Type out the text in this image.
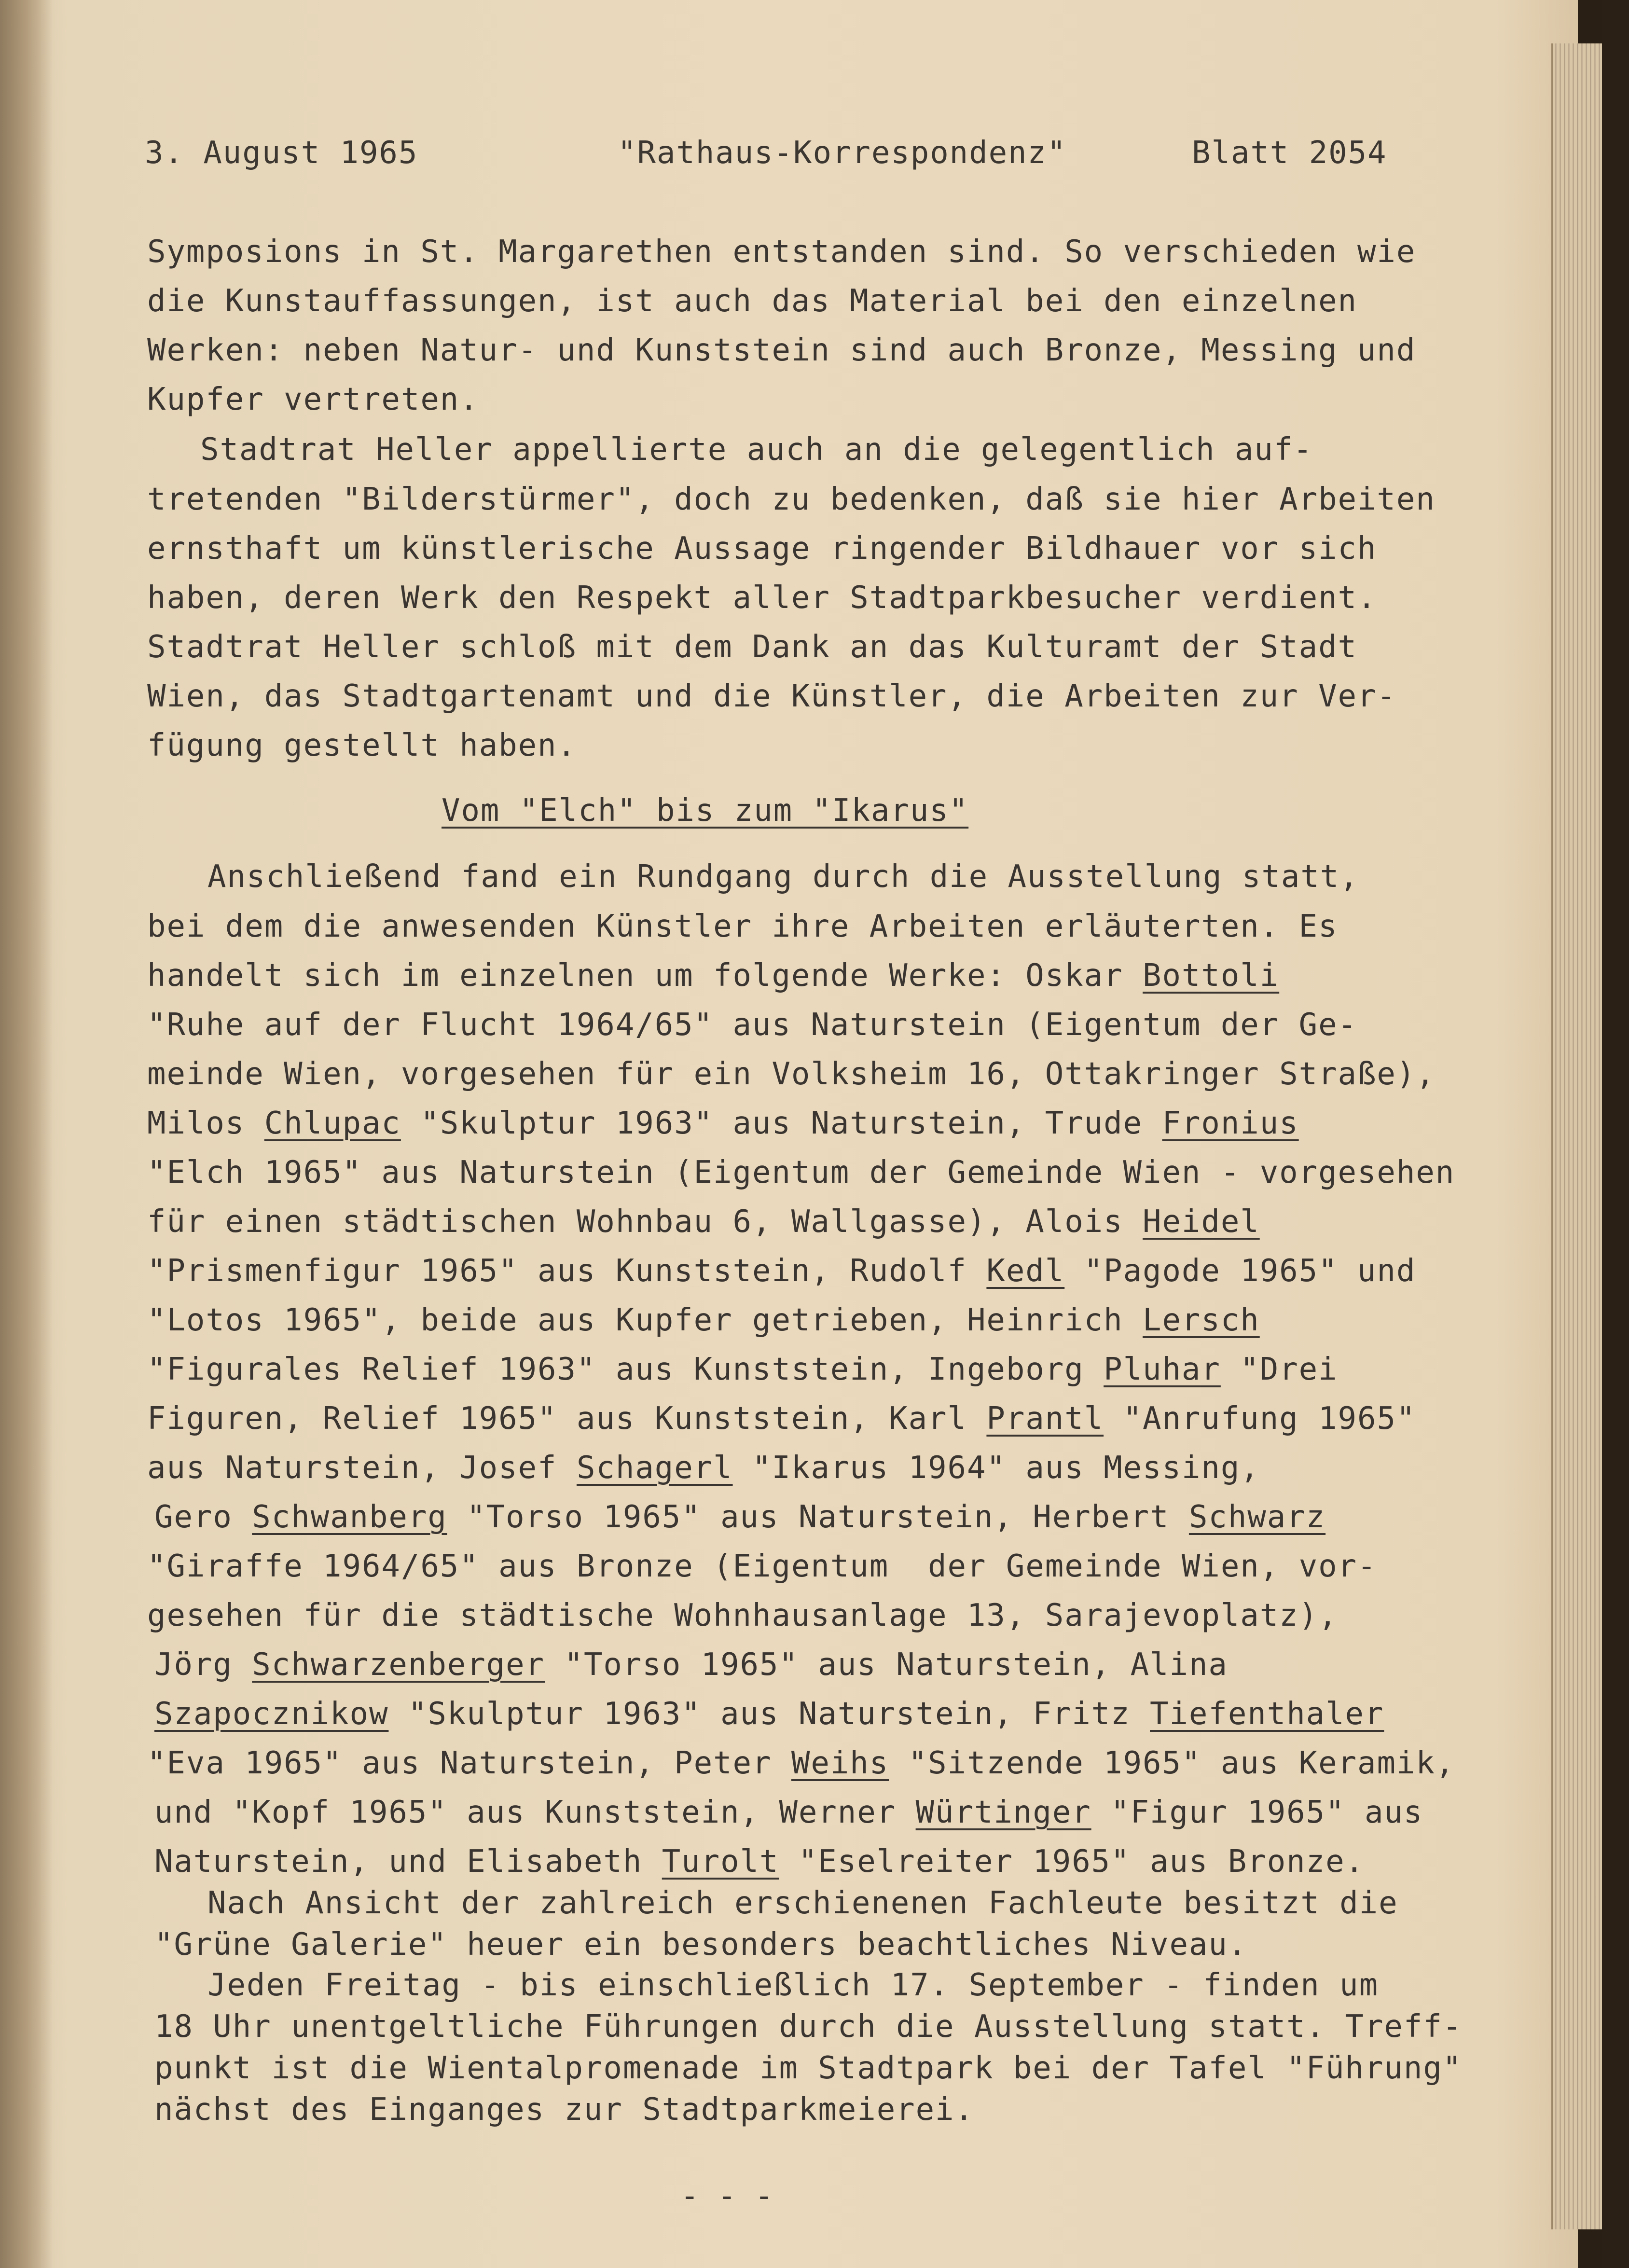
3. August 1965	"Rathaus-Korrespondenz"	Blatt 2054

Symposions in St. Margarethen entstanden sind. So verschieden wie

die Kunstauffassungen, ist auch das Material bei den einzelnen

Werken: neben Natur- und Kunststein sind auch Bronze, Messing und

Kupfer vertreten.

Stadtrat Heller appellierte auch an die gelegentlich auf-

tretenden "Bilderstürmer", doch zu bedenken, daß sie hier Arbeiten

ernsthaft um künstlerische Aussage ringender Bildhauer vor sich

haben, deren Werk den Respekt aller Stadtparkbesucher verdient.

Stadtrat Heller schloß mit dem Dank an das Kulturamt der Stadt

Wien, das Stadtgartenamt und die Künstler, die Arbeiten zur Ver-

fügung gestellt haben.

Vom "Elch" bis zum "Ikarus"

Anschließend fand ein Rundgang durch die Ausstellung statt,

bei dem die anwesenden Künstler ihre Arbeiten erläuterten. Es

handelt sich im einzelnen um folgende Werke: Oskar Bottoli

"Ruhe auf der Flucht 1964/65" aus Naturstein (Eigentum der Ge-

meinde Wien, vorgesehen für ein Volksheim 16, Ottakringer Straße),

Milos Chlupac "Skulptur 1963" aus Naturstein, Trude Fronius

"Elch 1965" aus Naturstein (Eigentum der Gemeinde Wien - vorgesehen

für einen städtischen Wohnbau 6, Wallgasse), Alois Heidel

"Prismenfigur 1965" aus Kunststein, Rudolf Kedl "Pagode 1965" und

"Lotos 1965", beide aus Kupfer getrieben, Heinrich Lersch

"Figurales Relief 1963" aus Kunststein, Ingeborg Pluhar "Drei

Figuren, Relief 1965" aus Kunststein, Karl Prantl "Anrufung 1965"

aus Naturstein, Josef Schagerl "Ikarus 1964" aus Messing,

Gero Schwanberg "Torso 1965" aus Naturstein, Herbert Schwarz

"Giraffe 1964/65" aus Bronze (Eigentum  der Gemeinde Wien, vor-

gesehen für die städtische Wohnhausanlage 13, Sarajevoplatz),

Jörg Schwarzenberger "Torso 1965" aus Naturstein, Alina

Szapocznikow "Skulptur 1963" aus Naturstein, Fritz Tiefenthaler

"Eva 1965" aus Naturstein, Peter Weihs "Sitzende 1965" aus Keramik,

und "Kopf 1965" aus Kunststein, Werner Würtinger "Figur 1965" aus

Naturstein, und Elisabeth Turolt "Eselreiter 1965" aus Bronze.

Nach Ansicht der zahlreich erschienenen Fachleute besitzt die

"Grüne Galerie" heuer ein besonders beachtliches Niveau.

Jeden Freitag - bis einschließlich 17. September - finden um

18 Uhr unentgeltliche Führungen durch die Ausstellung statt. Treff-

punkt ist die Wientalpromenade im Stadtpark bei der Tafel "Führung"

nächst des Einganges zur Stadtparkmeierei.

- - -
